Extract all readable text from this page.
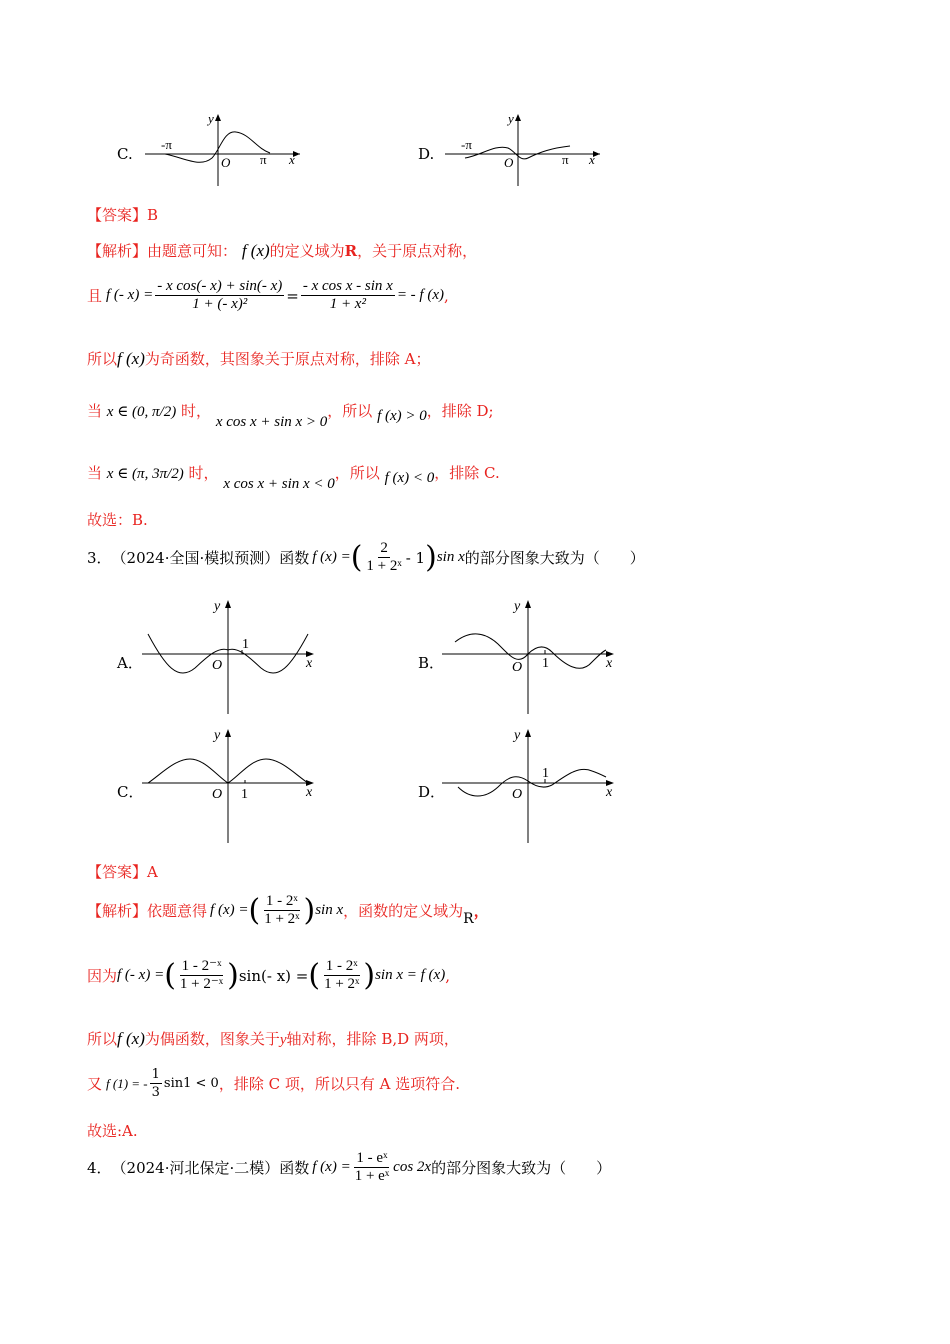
C.
y
x
O
-π
π	D.
y
x
O
-π
π
【答案】B
【解析】由题意可知： f (x)的定义域为R，关于原点对称，
且 f (- $x) = \frac{\text{- x cos(- x) + sin(- x)}}{\text{1 + (- x)²}} = \frac{\text{- x cos x - sin x}}{\text{1 + x²}}$ = - f (x) ,
所以f (x)为奇函数，其图象关于原点对称，排除 A；
当 x ∈ (0, π/2) 时， x cos x + sin x > 0，所以 f (x) > 0，排除 D;
当 x ∈ (π, 3π/2) 时， x cos x + sin x < 0，所以 f (x) < 0，排除 C.
故选：B.
3． （2024·全国·模拟预测）函数 f (x) = ( $\frac{2}{\text{1 + 2ˣ}} - 1$ ) sin x 的部分图象大致为（　　）
A．
y
x
O
1
B．
y
x
O 1
C．
y
x
O 1	D．
y
x
O
1
【答案】A
【解析】 依题意得 f (x) = ( $\frac{\text{1 - 2ˣ}}{\text{1 + 2ˣ}}$ ) sin x ，函数的定义域为 R ，
因为 f (- x) = ( $\frac{\text{1 - 2⁻ˣ}}{\text{1 + 2⁻ˣ}}$ ) sin(- x) = ( $\frac{\text{1 - 2ˣ}}{\text{1 + 2ˣ}}$ ) sin x = f (x) ,
所以f (x)为偶函数，图象关于y轴对称，排除 B,D 两项，
又 f (1) = - $\frac{1}{3} \sin 1 < 0$ ，排除 C 项，所以只有 A 选项符合.
故选:A.
4． （2024·河北保定·二模）函数 f $(x) = \frac{\text{1 - eˣ}}{\text{1 + eˣ}}$ cos 2x 的部分图象大致为（　　）
